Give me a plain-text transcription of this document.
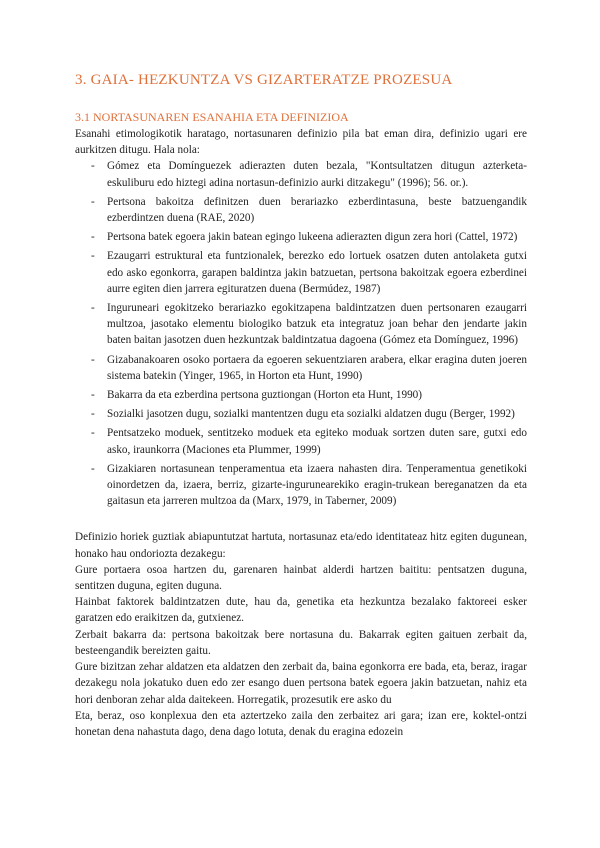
3. GAIA- HEZKUNTZA VS GIZARTERATZE PROZESUA
3.1 NORTASUNAREN ESANAHIA ETA DEFINIZIOA

Esanahi etimologikotik haratago, nortasunaren definizio pila bat eman dira, definizio ugari ere aurkitzen ditugu. Hala nola:

- Gómez eta Domínguezek adierazten duten bezala, "Kontsultatzen ditugun azterketa-eskuliburu edo hiztegi adina nortasun-definizio aurki ditzakegu" (1996); 56. or.).
- Pertsona bakoitza definitzen duen berariazko ezberdintasuna, beste batzuengandik ezberdintzen duena (RAE, 2020)
- Pertsona batek egoera jakin batean egingo lukeena adierazten digun zera hori (Cattel, 1972)
- Ezaugarri estruktural eta funtzionalek, berezko edo lortuek osatzen duten antolaketa gutxi edo asko egonkorra, garapen baldintza jakin batzuetan, pertsona bakoitzak egoera ezberdinei aurre egiten dien jarrera egituratzen duena (Bermúdez, 1987)
- Inguruneari egokitzeko berariazko egokitzapena baldintzatzen duen pertsonaren ezaugarri multzoa, jasotako elementu biologiko batzuk eta integratuz joan behar den jendarte jakin baten baitan jasotzen duen hezkuntzak baldintzatua dagoena (Gómez eta Domínguez, 1996)
- Gizabanakoaren osoko portaera da egoeren sekuentziaren arabera, elkar eragina duten joeren sistema batekin (Yinger, 1965, in Horton eta Hunt, 1990)
- Bakarra da eta ezberdina pertsona guztiongan (Horton eta Hunt, 1990)
- Sozialki jasotzen dugu, sozialki mantentzen dugu eta sozialki aldatzen dugu (Berger, 1992)
- Pentsatzeko moduek, sentitzeko moduek eta egiteko moduak sortzen duten sare, gutxi edo asko, iraunkorra (Maciones eta Plummer, 1999)
- Gizakiaren nortasunean tenperamentua eta izaera nahasten dira. Tenperamentua genetikoki oinordetzen da, izaera, berriz, gizarte-ingurunearekiko eragin-trukean bereganatzen da eta gaitasun eta jarreren multzoa da (Marx, 1979, in Taberner, 2009)

Definizio horiek guztiak abiapuntutzat hartuta, nortasunaz eta/edo identitateaz hitz egiten dugunean, honako hau ondorioztа dezakegu:

Gure portaera osoa hartzen du, garenaren hainbat alderdi hartzen baititu: pentsatzen duguna, sentitzen duguna, egiten duguna.

Hainbat faktorek baldintzatzen dute, hau da, genetika eta hezkuntza bezalako faktoreei esker garatzen edo eraikitzen da, gutxienez.

Zerbait bakarra da: pertsona bakoitzak bere nortasuna du. Bakarrak egiten gaituen zerbait da, besteengandik bereizten gaitu.

Gure bizitzan zehar aldatzen eta aldatzen den zerbait da, baina egonkorra ere bada, eta, beraz, iragar dezakegu nola jokatuko duen edo zer esango duen pertsona batek egoera jakin batzuetan, nahiz eta hori denboran zehar alda daitekeen. Horregatik, prozesutik ere asko du

Eta, beraz, oso konplexua den eta aztertzeko zaila den zerbaitez ari gara; izan ere, koktel-ontzi honetan dena nahastuta dago, dena dago lotuta, denak du eragina edozein
